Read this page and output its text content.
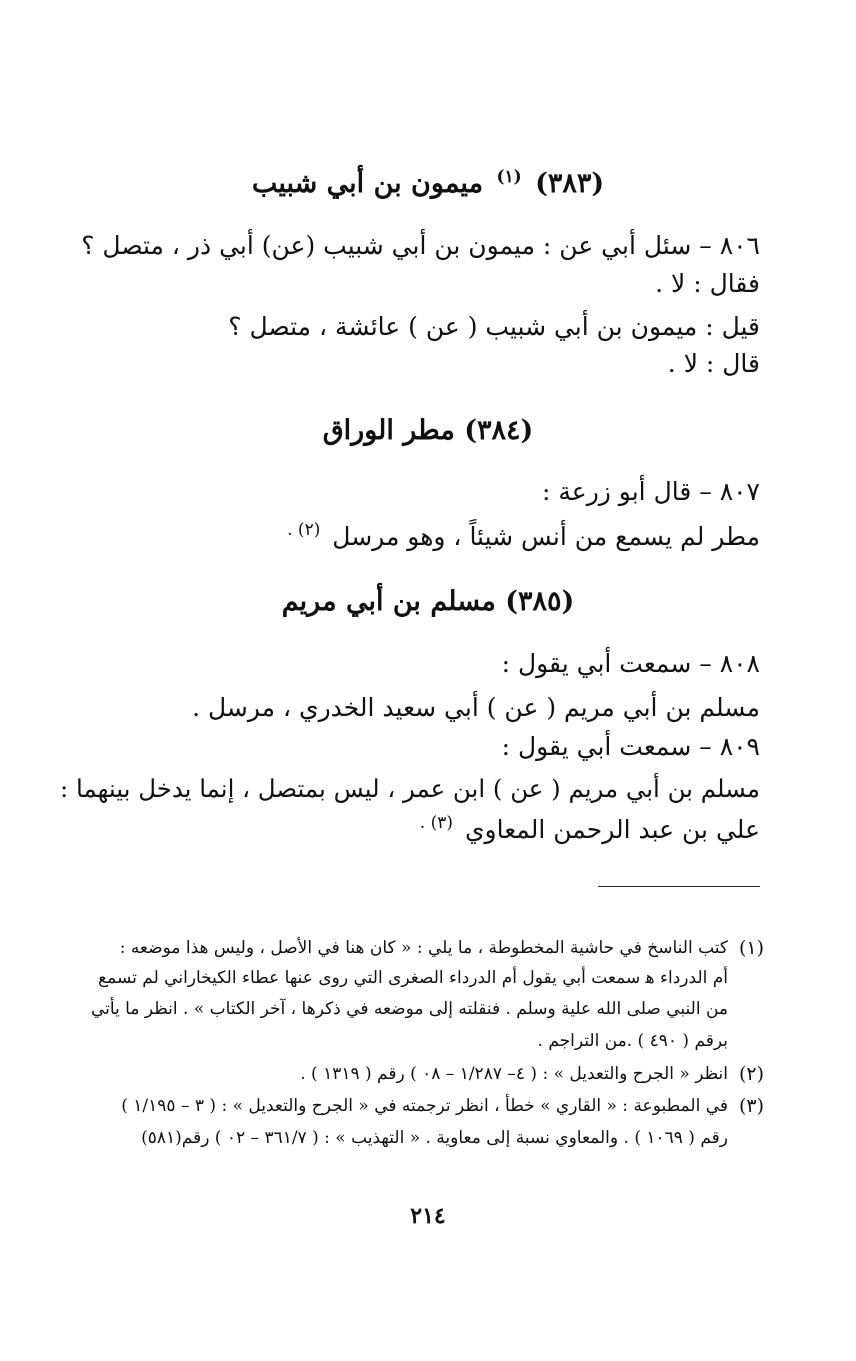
(٣٨٣) $^{(١)}$ ميمون بن أبي شبيب
٨٠٦ – سئل أبي عن : ميمون بن أبي شبيب (عن) أبي ذر ، متصل ؟
فقال : لا .
قيل : ميمون بن أبي شبيب ( عن ) عائشة ، متصل ؟
قال : لا .
(٣٨٤) مطر الوراق
٨٠٧ – قال أبو زرعة :
مطر لم يسمع من أنس شيئاً ، وهو مرسل $^{(٢) .}$
(٣٨٥) مسلم بن أبي مريم
٨٠٨ – سمعت أبي يقول :
مسلم بن أبي مريم ( عن ) أبي سعيد الخدري ، مرسل .
٨٠٩ – سمعت أبي يقول :
مسلم بن أبي مريم ( عن ) ابن عمر ، ليس بمتصل ، إنما يدخل بينهما :
علي بن عبد الرحمن المعاوي $^{(٣) .}$
(١)
كتب الناسخ في حاشية المخطوطة ، ما يلي : « كان هنا في الأصل ، وليس هذا موضعه :
أم الدرداء ﻫ سمعت أبي يقول أم الدرداء الصغرى التي روى عنها عطاء الكيخاراني لم تسمع
من النبي صلى الله علية وسلم . فنقلته إلى موضعه في ذكرها ، آخر الكتاب » . انظر ما يأتي
برقم ( ٤٩٠ ) .من التراجم .
(٢)
انظر « الجرح والتعديل » : ( ٤– ١/٢٨٧ – ٠٨ ) رقم ( ١٣١٩ ) .
(٣)
في المطبوعة : « القاري » خطأ ، انظر ترجمته في « الجرح والتعديل » : ( ٣ – ١/١٩٥ )
رقم ( ١٠٦٩ ) . والمعاوي نسبة إلى معاوية . « التهذيب » : ( ٣٦١/٧ – ٠٢ ) رقم(٥٨١)
٢١٤
